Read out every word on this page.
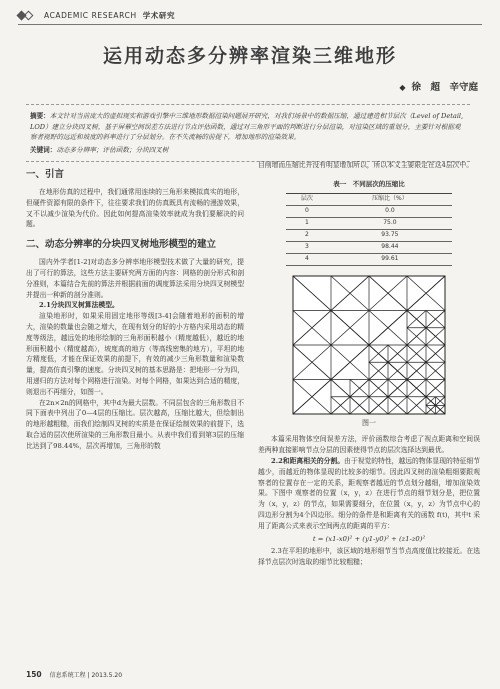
ACADEMIC RESEARCH 学术研究
运用动态多分辨率渲染三维地形
◆ 徐　超　辛守庭
摘要：本文针对当前庞大的虚拟现实和游戏引擎中三维地形数据渲染问题展开研究，对我们场景中的数据压缩，通过建造相节层次（Level of Detail, LOD）建立分块四叉树，基于屏幕空间误差方法进行节点评估函数，通过对三角形平面的判断进行分层渲染，对渲染区域的重划分，主要针对根据观察者视野的远近和坡度的斜率进行了分层划分。在不失流畅的前提下，增加地形的渲染效果。
关键词：动态多分辨率；评估函数；分块四叉树
一、引言

在地形仿真的过程中，我们通常用连续的三角形来模拟真实的地形，但硬件资源有限的条件下，往往要求我们的仿真既具有流畅的漫游效果，又不以减少渲染为代价。因此如何提高渲染效率就成为我们要解决的问题。

二、动态分辨率的分块四叉树地形模型的建立

国内外学者[1-2]对动态多分辨率地形模型技术做了大量的研究，提出了可行的算法，这些方法主要研究两方面的内容：网格的剖分形式和剖分准则，本篇结合先前的算法并根据前面的调度算法采用分块四叉树模型并提出一种新的剖分准则。

2.1分块四叉树算法模型。

渲染地形时，如果采用固定地形等级[3-4]会随着地形的面积的增大，渲染的数量也会随之增大，在现有划分的好的小方格内采用动态的精度等级法，越远处的地形绘制的三角形面积越小（精度越低），越近的地形面积越小（精度越高），坡度高的地方（等高线密集的地方），平坦的地方精度低，才能在保证效果的前提下，有效的减少三角形数量和渲染数量，提高仿真引擎的速度。分块四叉树的基本思路是：把地形一分为四，用递归的方法对每个网格进行渲染。对每个网格，如果达到合适的精度，则退出不再细分，如图一。

在2n×2n的网格中，其中d为最大层数。不同层包含的三角形数目不同下面表中列出了0—4层的压缩比。层次越高，压缩比越大，但绘制出的地形越粗糙，而我们绘制四叉树的实质是在保证绘制效果的前提下，选取合适的层次使所渲染的三角形数目最小。从表中我们看到第3层的压缩比达到了98.44%，层次再增加，三角形的数

目削增而压缩比并没有明显增加所以，所以本文主要限定在这4层次中。

表一　不同层次的压缩比
层次	压缩比（%）
0	0.0
1	75.0
2	93.75
3	98.44
4	99.61
图一

本篇采用物体空间误差方法，评价函数综合考虑了视点距离和空间误差两种直接影响节点分层的因素使得节点的层次选择达到最优。

2.2和距离相关的分割。由于视觉的特性，越远的物体显现的特征细节越少，而越近的物体显现的比较多的细节。因此四叉树的渲染粗细要跟观察者的位置存在一定的关系，距观察者越近的节点划分越细，增加渲染效果。下图中 观察者的位置（x，y，z）在进行节点的细节划分是，把位置为（x，y，z）的节点，如果需要细分，在位置（x，y，z）为节点中心的四边形分割为4个四边形。细分的条件是和距离有关的函数 f(t)，其中t 采用了距离公式来表示空间两点的距离的平方：

t = (x1-x0)² + (y1-y0)² + (z1-z0)²

2.3在平坦的地形中，该区域的地形细节当节点高度值比较接近。在选择节点层次时选取的细节比较粗糙；

150 信息系统工程 | 2013.5.20
